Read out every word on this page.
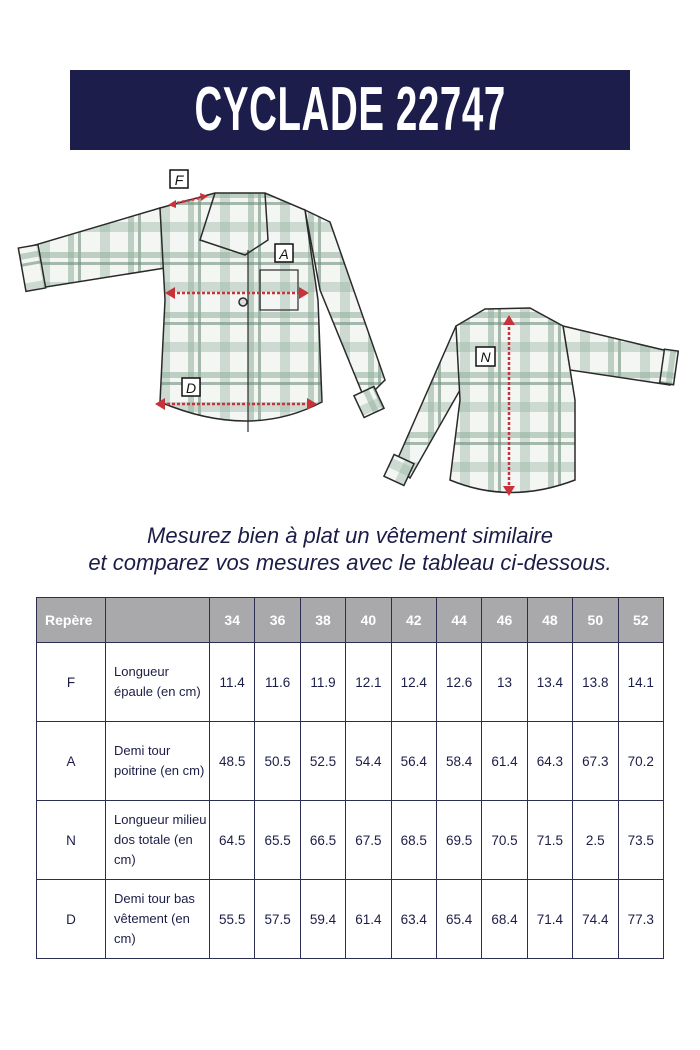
CYCLADE 22747
F
A
D
N
Mesurez bien à plat un vêtement similaire
et comparez vos mesures avec le tableau ci-dessous.
Repère		34	36	38	40	42	44	46	48	50	52
F	Longueur épaule (en cm)	11.4	11.6	11.9	12.1	12.4	12.6	13	13.4	13.8	14.1
A	Demi tour poitrine (en cm)	48.5	50.5	52.5	54.4	56.4	58.4	61.4	64.3	67.3	70.2
N	Longueur milieu dos totale (en cm)	64.5	65.5	66.5	67.5	68.5	69.5	70.5	71.5	2.5	73.5
D	Demi tour bas vêtement (en cm)	55.5	57.5	59.4	61.4	63.4	65.4	68.4	71.4	74.4	77.3
